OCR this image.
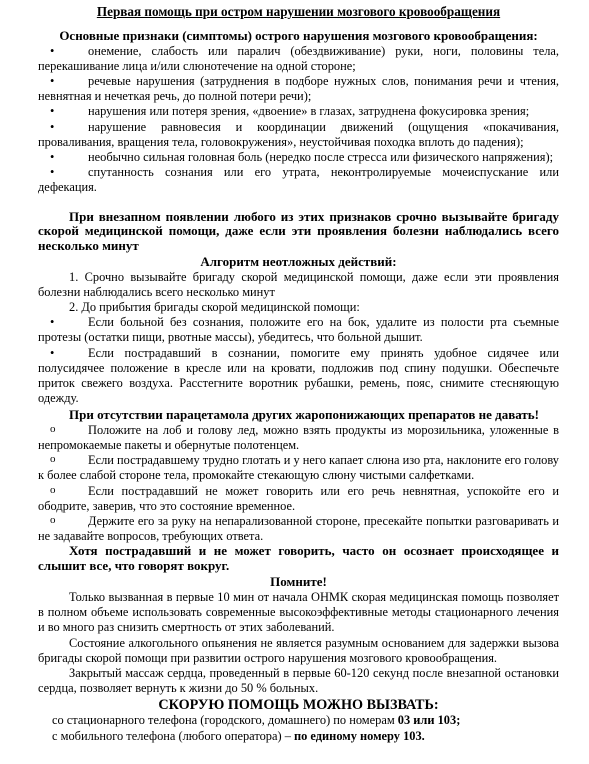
Первая помощь при остром нарушении мозгового кровообращения
Основные признаки (симптомы) острого нарушения мозгового кровообращения:
• онемение, слабость или паралич (обездвиживание) руки, ноги, половины тела, перекашивание лица и/или слюнотечение на одной стороне;
• речевые нарушения (затруднения в подборе нужных слов, понимания речи и чтения, невнятная и нечеткая речь, до полной потери речи);
• нарушения или потеря зрения, «двоение» в глазах, затруднена фокусировка зрения;
• нарушение равновесия и координации движений (ощущения «покачивания, проваливания, вращения тела, головокружения», неустойчивая походка вплоть до падения);
• необычно сильная головная боль (нередко после стресса или физического напряжения);
• спутанность сознания или его утрата, неконтролируемые мочеиспускание или дефекация.
При внезапном появлении любого из этих признаков срочно вызывайте бригаду скорой медицинской помощи, даже если эти проявления болезни наблюдались всего несколько минут
Алгоритм неотложных действий:

1. Срочно вызывайте бригаду скорой медицинской помощи, даже если эти проявления болезни наблюдались всего несколько минут

2. До прибытия бригады скорой медицинской помощи:

• Если больной без сознания, положите его на бок, удалите из полости рта съемные протезы (остатки пищи, рвотные массы), убедитесь, что больной дышит.
• Если пострадавший в сознании, помогите ему принять удобное сидячее или полусидячее положение в кресле или на кровати, подложив под спину подушки. Обеспечьте приток свежего воздуха. Расстегните воротник рубашки, ремень, пояс, снимите стесняющую одежду.
При отсутствии парацетамола других жаропонижающих препаратов не давать!
o Положите на лоб и голову лед, можно взять продукты из морозильника, уложенные в непромокаемые пакеты и обернутые полотенцем.
o Если пострадавшему трудно глотать и у него капает слюна изо рта, наклоните его голову к более слабой стороне тела, промокайте стекающую слюну чистыми салфетками.
o Если пострадавший не может говорить или его речь невнятная, успокойте его и ободрите, заверив, что это состояние временное.
o Держите его за руку на непарализованной стороне, пресекайте попытки разговаривать и не задавайте вопросов, требующих ответа.
Хотя пострадавший и не может говорить, часто он осознает происходящее и слышит все, что говорят вокруг.
Помните!

Только вызванная в первые 10 мин от начала ОНМК скорая медицинская помощь позволяет в полном объеме использовать современные высокоэффективные методы стационарного лечения и во много раз снизить смертность от этих заболеваний.

Состояние алкогольного опьянения не является разумным основанием для задержки вызова бригады скорой помощи при развитии острого нарушения мозгового кровообращения.

Закрытый массаж сердца, проведенный в первые 60-120 секунд после внезапной остановки сердца, позволяет вернуть к жизни до 50 % больных.

СКОРУЮ ПОМОЩЬ МОЖНО ВЫЗВАТЬ:
со стационарного телефона (городского, домашнего) по номерам 03 или 103;
с мобильного телефона (любого оператора) – по единому номеру 103.
